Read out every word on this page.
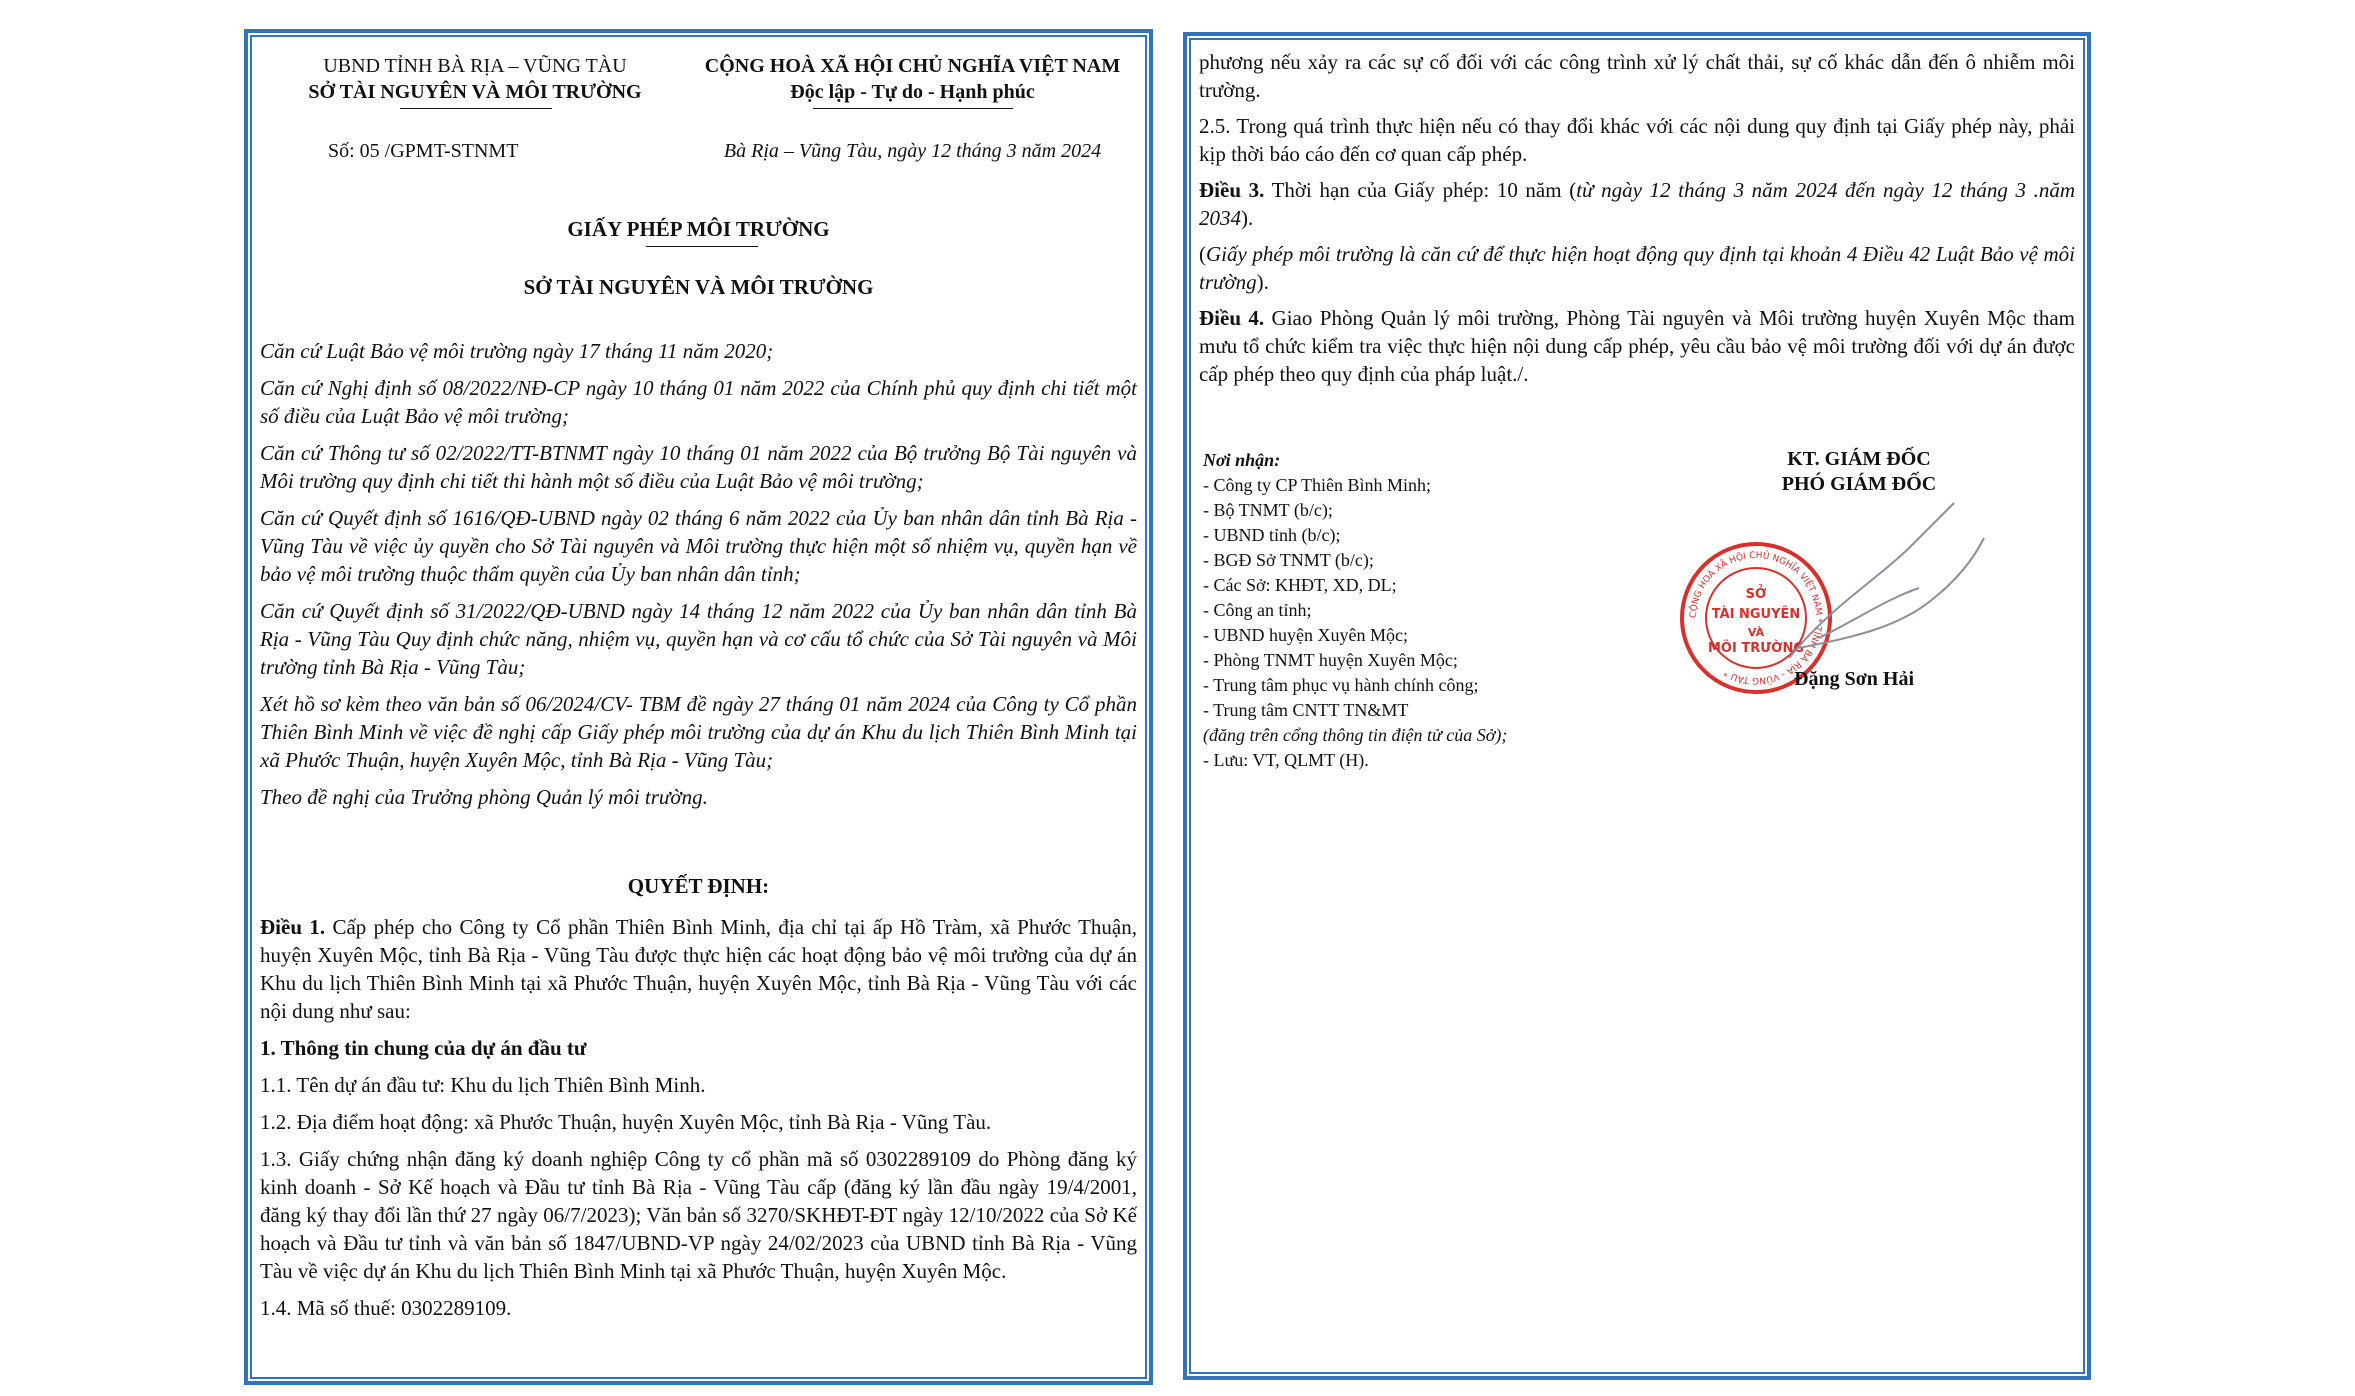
UBND TỈNH BÀ RỊA – VŨNG TÀU
SỞ TÀI NGUYÊN VÀ MÔI TRƯỜNG
Số: 05 /GPMT-STNMT
CỘNG HOÀ XÃ HỘI CHỦ NGHĨA VIỆT NAM
Độc lập - Tự do - Hạnh phúc
Bà Rịa – Vũng Tàu, ngày 12 tháng 3 năm 2024
GIẤY PHÉP MÔI TRƯỜNG
SỞ TÀI NGUYÊN VÀ MÔI TRƯỜNG

Căn cứ Luật Bảo vệ môi trường ngày 17 tháng 11 năm 2020;

Căn cứ Nghị định số 08/2022/NĐ-CP ngày 10 tháng 01 năm 2022 của Chính phủ quy định chi tiết một số điều của Luật Bảo vệ môi trường;

Căn cứ Thông tư số 02/2022/TT-BTNMT ngày 10 tháng 01 năm 2022 của Bộ trưởng Bộ Tài nguyên và Môi trường quy định chi tiết thi hành một số điều của Luật Bảo vệ môi trường;

Căn cứ Quyết định số 1616/QĐ-UBND ngày 02 tháng 6 năm 2022 của Ủy ban nhân dân tỉnh Bà Rịa - Vũng Tàu về việc ủy quyền cho Sở Tài nguyên và Môi trường thực hiện một số nhiệm vụ, quyền hạn về bảo vệ môi trường thuộc thẩm quyền của Ủy ban nhân dân tỉnh;

Căn cứ Quyết định số 31/2022/QĐ-UBND ngày 14 tháng 12 năm 2022 của Ủy ban nhân dân tỉnh Bà Rịa - Vũng Tàu Quy định chức năng, nhiệm vụ, quyền hạn và cơ cấu tổ chức của Sở Tài nguyên và Môi trường tỉnh Bà Rịa - Vũng Tàu;

Xét hồ sơ kèm theo văn bản số 06/2024/CV- TBM đề ngày 27 tháng 01 năm 2024 của Công ty Cổ phần Thiên Bình Minh về việc đề nghị cấp Giấy phép môi trường của dự án Khu du lịch Thiên Bình Minh tại xã Phước Thuận, huyện Xuyên Mộc, tỉnh Bà Rịa - Vũng Tàu;

Theo đề nghị của Trưởng phòng Quản lý môi trường.

QUYẾT ĐỊNH:

Điều 1. Cấp phép cho Công ty Cổ phần Thiên Bình Minh, địa chỉ tại ấp Hồ Tràm, xã Phước Thuận, huyện Xuyên Mộc, tỉnh Bà Rịa - Vũng Tàu được thực hiện các hoạt động bảo vệ môi trường của dự án Khu du lịch Thiên Bình Minh tại xã Phước Thuận, huyện Xuyên Mộc, tỉnh Bà Rịa - Vũng Tàu với các nội dung như sau:

1. Thông tin chung của dự án đầu tư

1.1. Tên dự án đầu tư: Khu du lịch Thiên Bình Minh.

1.2. Địa điểm hoạt động: xã Phước Thuận, huyện Xuyên Mộc, tỉnh Bà Rịa - Vũng Tàu.

1.3. Giấy chứng nhận đăng ký doanh nghiệp Công ty cổ phần mã số 0302289109 do Phòng đăng ký kinh doanh - Sở Kế hoạch và Đầu tư tỉnh Bà Rịa - Vũng Tàu cấp (đăng ký lần đầu ngày 19/4/2001, đăng ký thay đổi lần thứ 27 ngày 06/7/2023); Văn bản số 3270/SKHĐT-ĐT ngày 12/10/2022 của Sở Kế hoạch và Đầu tư tỉnh và văn bản số 1847/UBND-VP ngày 24/02/2023 của UBND tỉnh Bà Rịa - Vũng Tàu về việc dự án Khu du lịch Thiên Bình Minh tại xã Phước Thuận, huyện Xuyên Mộc.

1.4. Mã số thuế: 0302289109.

phương nếu xảy ra các sự cố đối với các công trình xử lý chất thải, sự cố khác dẫn đến ô nhiễm môi trường.

2.5. Trong quá trình thực hiện nếu có thay đổi khác với các nội dung quy định tại Giấy phép này, phải kịp thời báo cáo đến cơ quan cấp phép.

Điều 3. Thời hạn của Giấy phép: 10 năm (từ ngày 12 tháng 3 năm 2024 đến ngày 12 tháng 3 .năm 2034).

(Giấy phép môi trường là căn cứ để thực hiện hoạt động quy định tại khoản 4 Điều 42 Luật Bảo vệ môi trường).

Điều 4. Giao Phòng Quản lý môi trường, Phòng Tài nguyên và Môi trường huyện Xuyên Mộc tham mưu tổ chức kiểm tra việc thực hiện nội dung cấp phép, yêu cầu bảo vệ môi trường đối với dự án được cấp phép theo quy định của pháp luật./.

Nơi nhận:
- Công ty CP Thiên Bình Minh;
- Bộ TNMT (b/c);
- UBND tỉnh (b/c);
- BGĐ Sở TNMT (b/c);
- Các Sở: KHĐT, XD, DL;
- Công an tỉnh;
- UBND huyện Xuyên Mộc;
- Phòng TNMT huyện Xuyên Mộc;
- Trung tâm phục vụ hành chính công;
- Trung tâm CNTT TN&MT
(đăng trên cổng thông tin điện tử của Sở);
- Lưu: VT, QLMT (H).
KT. GIÁM ĐỐC
PHÓ GIÁM ĐỐC
CỘNG HOÀ XÃ HỘI CHỦ NGHĨA VIỆT NAM * TỈNH BÀ RỊA - VŨNG TÀU *
SỞ
TÀI NGUYÊN
VÀ
MÔI TRƯỜNG
Đặng Sơn Hải
